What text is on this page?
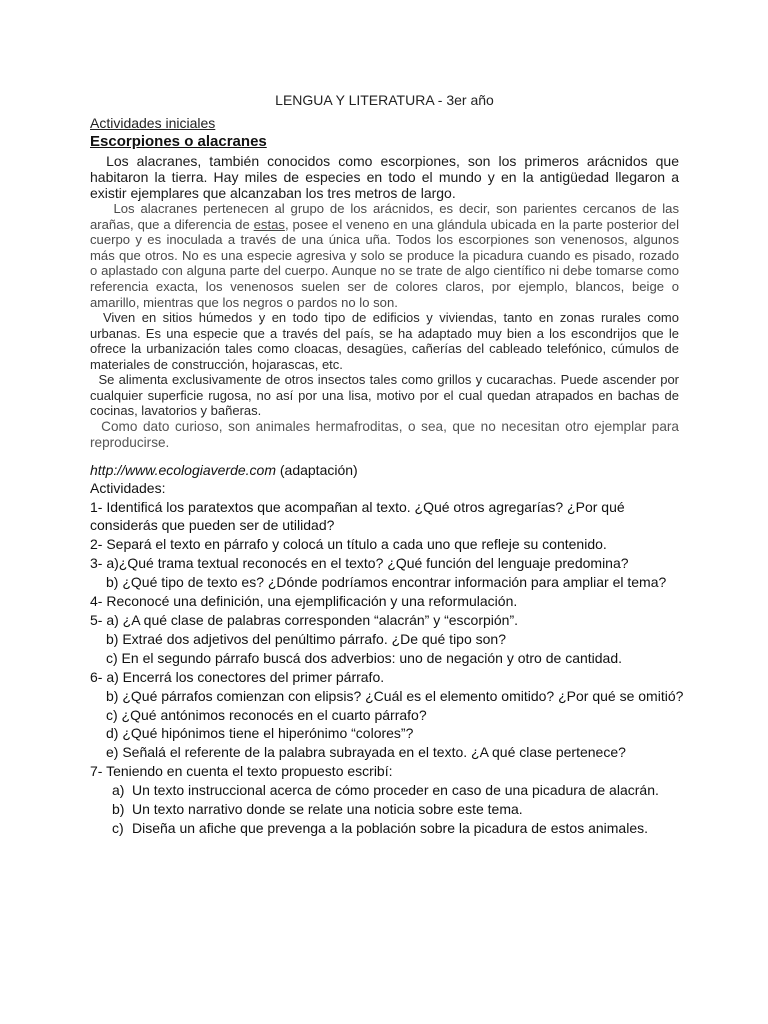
LENGUA Y LITERATURA - 3er año
Actividades iniciales
Escorpiones o alacranes

Los alacranes, también conocidos como escorpiones, son los primeros arácnidos que habitaron la tierra. Hay miles de especies en todo el mundo y en la antigüedad llegaron a existir ejemplares que alcanzaban los tres metros de largo.

Los alacranes pertenecen al grupo de los arácnidos, es decir, son parientes cercanos de las arañas, que a diferencia de estas, posee el veneno en una glándula ubicada en la parte posterior del cuerpo y es inoculada a través de una única uña. Todos los escorpiones son venenosos, algunos más que otros. No es una especie agresiva y solo se produce la picadura cuando es pisado, rozado o aplastado con alguna parte del cuerpo. Aunque no se trate de algo científico ni debe tomarse como referencia exacta, los venenosos suelen ser de colores claros, por ejemplo, blancos, beige o amarillo, mientras que los negros o pardos no lo son.

Viven en sitios húmedos y en todo tipo de edificios y viviendas, tanto en zonas rurales como urbanas. Es una especie que a través del país, se ha adaptado muy bien a los escondrijos que le ofrece la urbanización tales como cloacas, desagües, cañerías del cableado telefónico, cúmulos de materiales de construcción, hojarascas, etc.

Se alimenta exclusivamente de otros insectos tales como grillos y cucarachas. Puede ascender por cualquier superficie rugosa, no así por una lisa, motivo por el cual quedan atrapados en bachas de cocinas, lavatorios y bañeras.

Como dato curioso, son animales hermafroditas, o sea, que no necesitan otro ejemplar para reproducirse.

http://www.ecologiaverde.com (adaptación)
Actividades:
1- Identificá los paratextos que acompañan al texto. ¿Qué otros agregarías? ¿Por qué
considerás que pueden ser de utilidad?
2- Separá el texto en párrafo y colocá un título a cada uno que refleje su contenido.
3- a)¿Qué trama textual reconocés en el texto? ¿Qué función del lenguaje predomina?
b) ¿Qué tipo de texto es? ¿Dónde podríamos encontrar información para ampliar el tema?
4- Reconocé una definición, una ejemplificación y una reformulación.
5- a) ¿A qué clase de palabras corresponden “alacrán” y “escorpión”.
b) Extraé dos adjetivos del penúltimo párrafo. ¿De qué tipo son?
c) En el segundo párrafo buscá dos adverbios: uno de negación y otro de cantidad.
6- a) Encerrá los conectores del primer párrafo.
b) ¿Qué párrafos comienzan con elipsis? ¿Cuál es el elemento omitido? ¿Por qué se omitió?
c) ¿Qué antónimos reconocés en el cuarto párrafo?
d) ¿Qué hipónimos tiene el hiperónimo “colores”?
e) Señalá el referente de la palabra subrayada en el texto. ¿A qué clase pertenece?
7- Teniendo en cuenta el texto propuesto escribí:
a) Un texto instruccional acerca de cómo proceder en caso de una picadura de alacrán.
b) Un texto narrativo donde se relate una noticia sobre este tema.
c) Diseña un afiche que prevenga a la población sobre la picadura de estos animales.
